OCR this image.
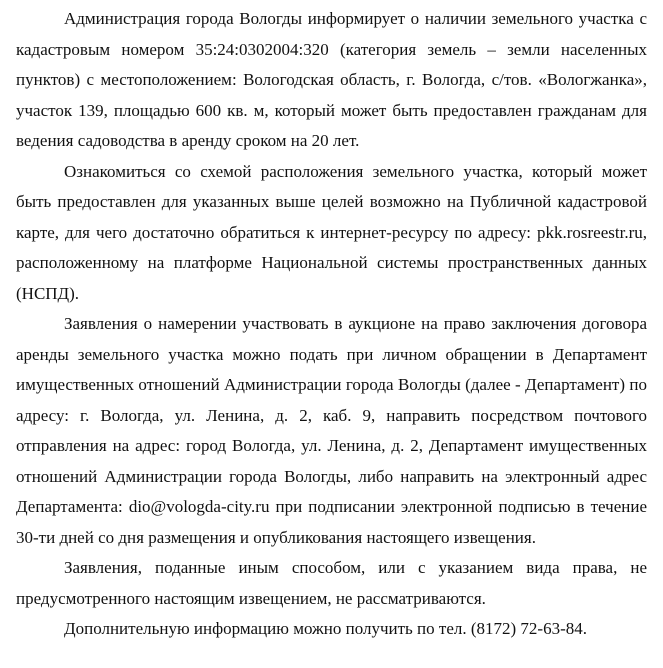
Администрация города Вологды информирует о наличии земельного участка с кадастровым номером 35:24:0302004:320 (категория земель – земли населенных пунктов) с местоположением: Вологодская область, г. Вологда, с/тов. «Вологжанка», участок 139, площадью 600 кв. м, который может быть предоставлен гражданам для ведения садоводства в аренду сроком на 20 лет.

Ознакомиться со схемой расположения земельного участка, который может быть предоставлен для указанных выше целей возможно на Публичной кадастровой карте, для чего достаточно обратиться к интернет-ресурсу по адресу: pkk.rosreestr.ru, расположенному на платформе Национальной системы пространственных данных (НСПД).

Заявления о намерении участвовать в аукционе на право заключения договора аренды земельного участка можно подать при личном обращении в Департамент имущественных отношений Администрации города Вологды (далее - Департамент) по адресу: г. Вологда, ул. Ленина, д. 2, каб. 9, направить посредством почтового отправления на адрес: город Вологда, ул. Ленина, д. 2, Департамент имущественных отношений Администрации города Вологды, либо направить на электронный адрес Департамента: dio@vologda-city.ru при подписании электронной подписью в течение 30-ти дней со дня размещения и опубликования настоящего извещения.

Заявления, поданные иным способом, или с указанием вида права, не предусмотренного настоящим извещением, не рассматриваются.

Дополнительную информацию можно получить по тел. (8172) 72-63-84.
